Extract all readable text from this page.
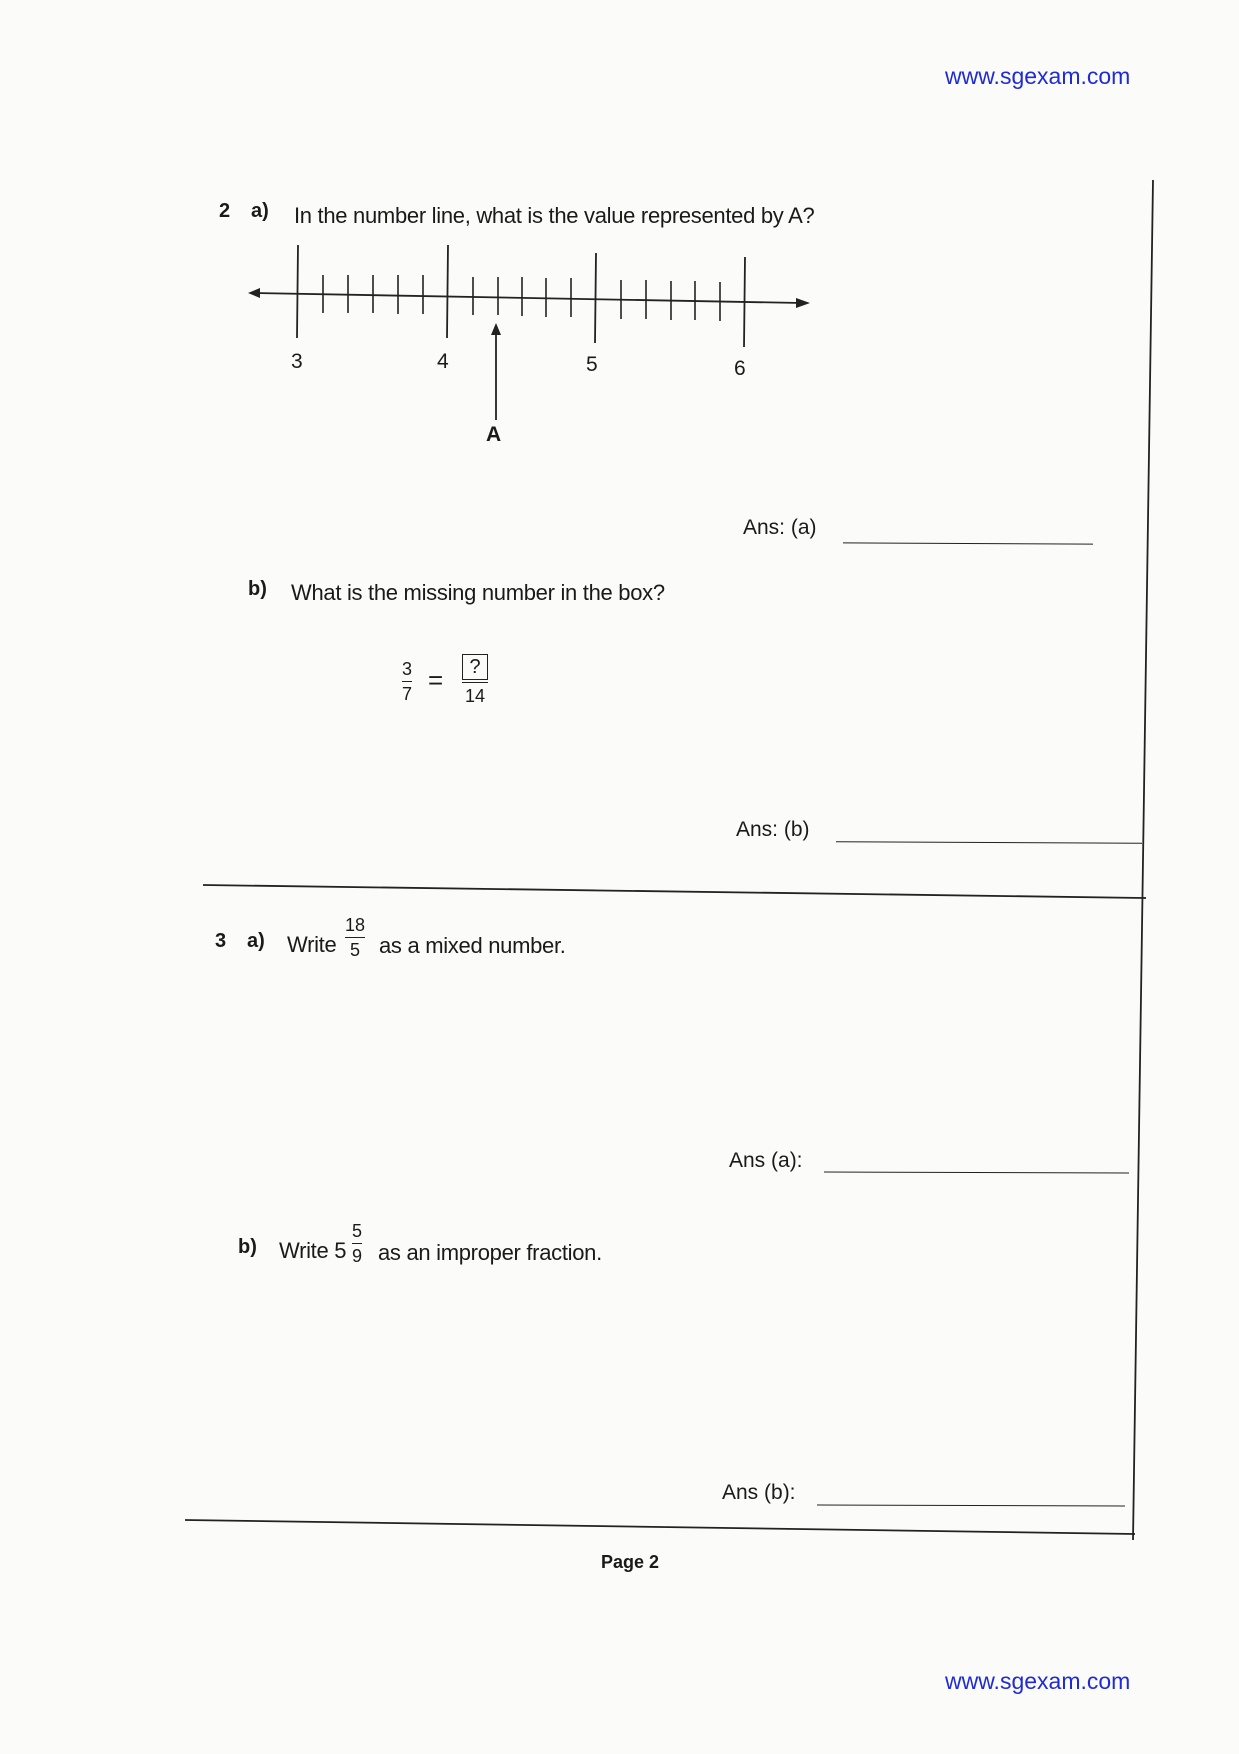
www.sgexam.com
2 a) In the number line, what is the value represented by A?
3	4	5	6
A
Ans: (a)
b) What is the missing number in the box?
3
7 =	?
14
Ans: (b)
3 a) Write
18
5 as a mixed number.
Ans (a):
b) Write 5
5
9 as an improper fraction.
Ans (b):
Page 2
www.sgexam.com
